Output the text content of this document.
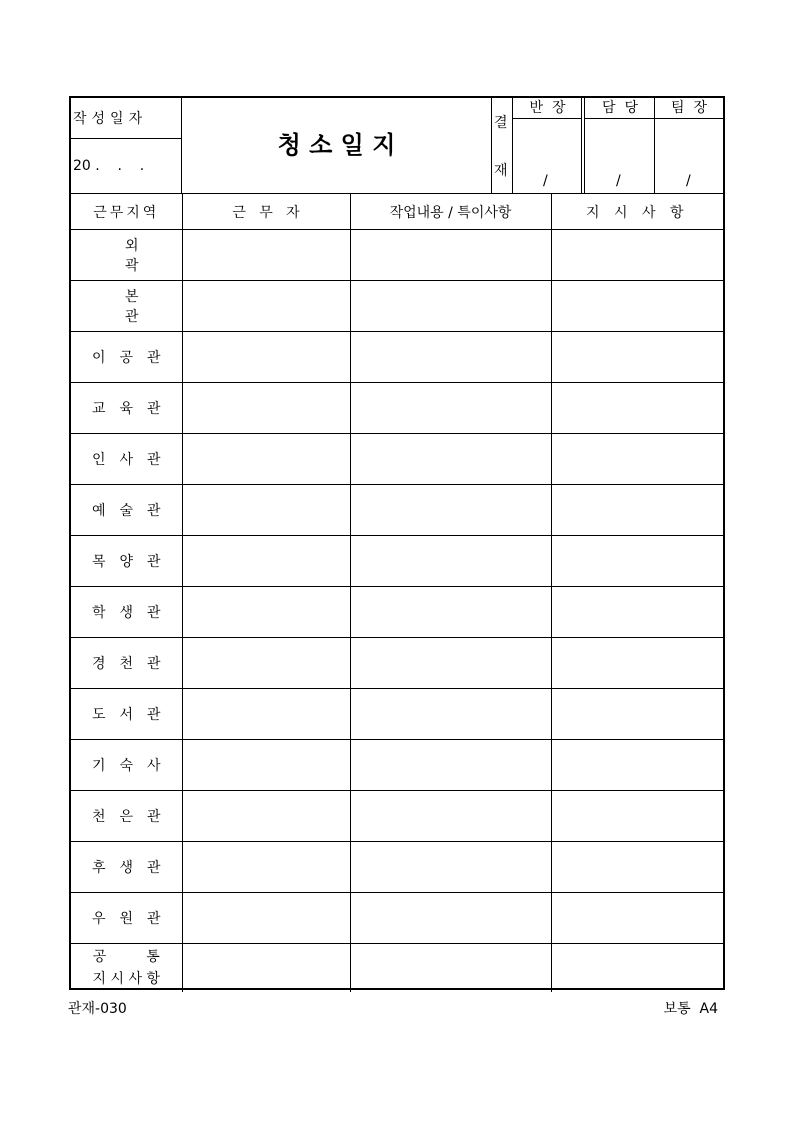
작성일자
20 .    .    .
청 소 일 지
결
재
반  장
/
담  당
/
팀  장
/
근무지역	근   무   자	작업내용 / 특이사항	지 시 사 항
외곽			
본관			
이공관			
교육관			
인사관			
예술관			
목양관			
학생관			
경천관			
도서관			
기숙사			
천은관			
후생관			
우원관			

공         통
지 시 사 항			

관재-030	보통  A4
